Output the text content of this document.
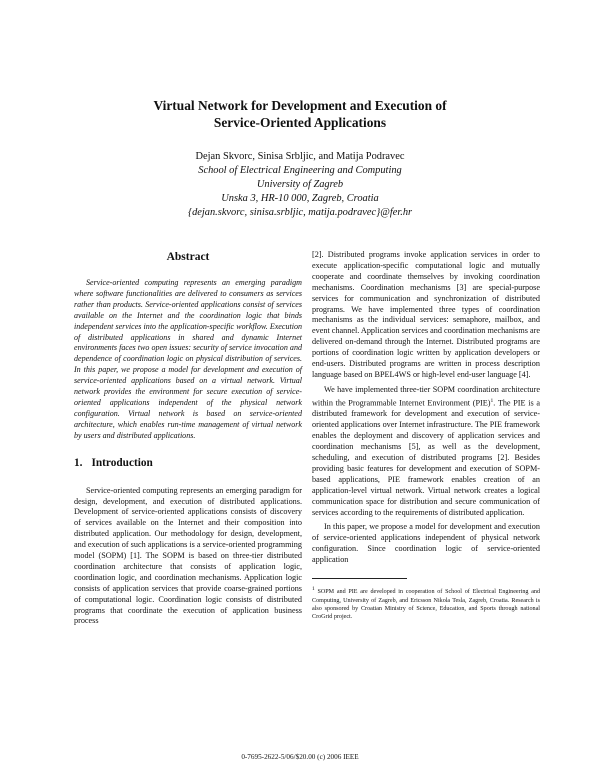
Virtual Network for Development and Execution of
Service-Oriented Applications
Dejan Skvorc, Sinisa Srbljic, and Matija Podravec
School of Electrical Engineering and Computing
University of Zagreb
Unska 3, HR-10 000, Zagreb, Croatia
{dejan.skvorc, sinisa.srbljic, matija.podravec}@fer.hr
Abstract

Service-oriented computing represents an emerging paradigm where software functionalities are delivered to consumers as services rather than products. Service-oriented applications consist of services available on the Internet and the coordination logic that binds independent services into the application-specific workflow. Execution of distributed applications in shared and dynamic Internet environments faces two open issues: security of service invocation and dependence of coordination logic on physical distribution of services. In this paper, we propose a model for development and execution of service-oriented applications based on a virtual network. Virtual network provides the environment for secure execution of service-oriented applications independent of the physical network configuration. Virtual network is based on service-oriented architecture, which enables run-time management of virtual network by users and distributed applications.

1. Introduction

Service-oriented computing represents an emerging paradigm for design, development, and execution of distributed applications. Development of service-oriented applications consists of discovery of services available on the Internet and their composition into distributed application. Our methodology for design, development, and execution of such applications is a service-oriented programming model (SOPM) [1]. The SOPM is based on three-tier distributed coordination architecture that consists of application logic, coordination logic, and coordination mechanisms. Application logic consists of application services that provide coarse-grained portions of computational logic. Coordination logic consists of distributed programs that coordinate the execution of application business process

[2]. Distributed programs invoke application services in order to execute application-specific computational logic and mutually cooperate and coordinate themselves by invoking coordination mechanisms. Coordination mechanisms [3] are special-purpose services for communication and synchronization of distributed programs. We have implemented three types of coordination mechanisms as the individual services: semaphore, mailbox, and event channel. Application services and coordination mechanisms are delivered on-demand through the Internet. Distributed programs are portions of coordination logic written by application developers or end-users. Distributed programs are written in process description language based on BPEL4WS or high-level end-user language [4].

We have implemented three-tier SOPM coordination architecture within the Programmable Internet Environment (PIE)$^1$. The PIE is a distributed framework for development and execution of service-oriented applications over Internet infrastructure. The PIE framework enables the deployment and discovery of application services and coordination mechanisms [5], as well as the development, scheduling, and execution of distributed programs [2]. Besides providing basic features for development and execution of SOPM-based applications, PIE framework enables creation of an application-level virtual network. Virtual network creates a logical communication space for distribution and secure communication of services according to the requirements of distributed application.

In this paper, we propose a model for development and execution of service-oriented applications independent of physical network configuration. Since coordination logic of service-oriented application

$^1$ SOPM and PIE are developed in cooperation of School of Electrical Engineering and Computing, University of Zagreb, and Ericsson Nikola Tesla, Zagreb, Croatia. Research is also sponsored by Croatian Ministry of Science, Education, and Sports through national CroGrid project.

0-7695-2622-5/06/$20.00 (c) 2006 IEEE
